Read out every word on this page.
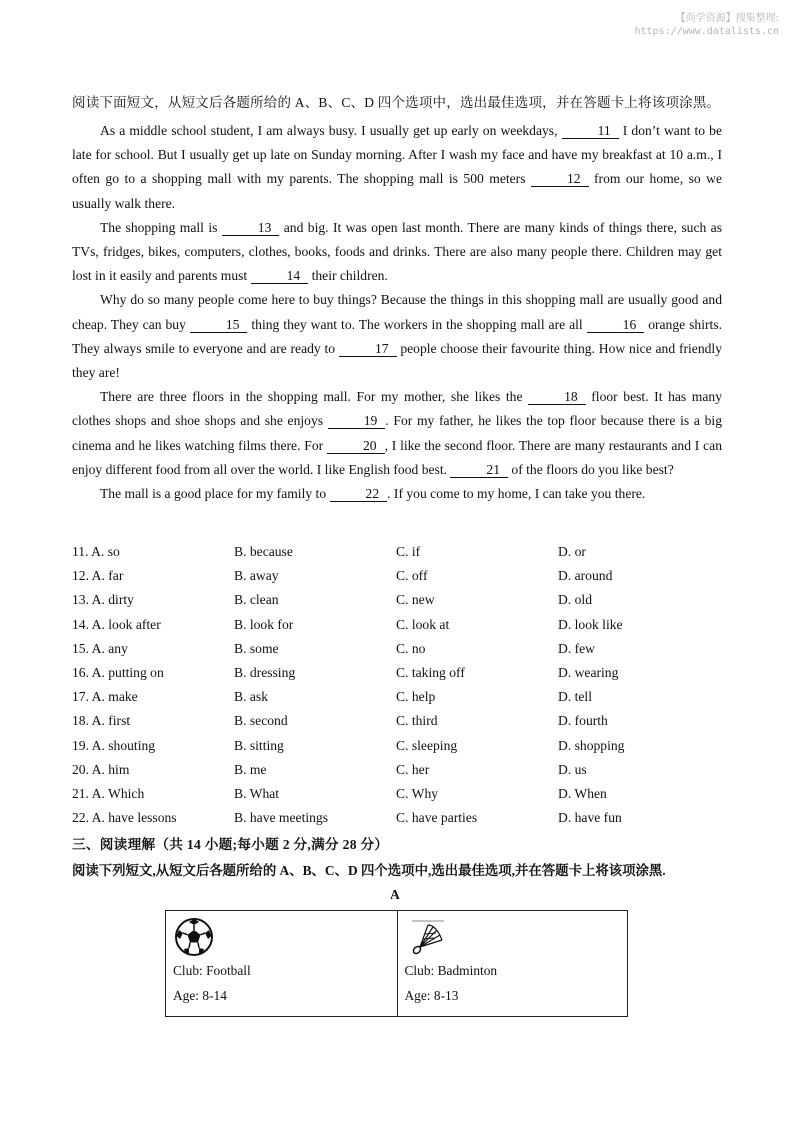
【尚学资源】搜集整理:
https://www.datalists.cn
阅读下面短文，从短文后各题所给的 A、B、C、D 四个选项中，选出最佳选项，并在答题卡上将该项涂黑。

As a middle school student, I am always busy. I usually get up early on weekdays,	11 I don’t want to be late for school. But I usually get up late on Sunday morning. After I wash my face and have my breakfast at 10 a.m., I often go to a shopping mall with my parents. The shopping mall is 500 meters	12 from our home, so we usually walk there.

The shopping mall is	13 and big. It was open last month. There are many kinds of things there, such as TVs, fridges, bikes, computers, clothes, books, foods and drinks. There are also many people there. Children may get lost in it easily and parents must	14 their children.

Why do so many people come here to buy things? Because the things in this shopping mall are usually good and cheap. They can buy	15 thing they want to. The workers in the shopping mall are all	16 orange shirts. They always smile to everyone and are ready to	17 people choose their favourite thing. How nice and friendly they are!

There are three floors in the shopping mall. For my mother, she likes the	18 floor best. It has many clothes shops and shoe shops and she enjoys	19 . For my father, he likes the top floor because there is a big cinema and he likes watching films there. For	20 , I like the second floor. There are many restaurants and I can enjoy different food from all over the world. I like English food best.	21 of the floors do you like best?

The mall is a good place for my family to	22 . If you come to my home, I can take you there.

11. A. so	B. because	C. if	D. or
12. A. far	B. away	C. off	D. around
13. A. dirty	B. clean	C. new	D. old
14. A. look after	B. look for	C. look at	D. look like
15. A. any	B. some	C. no	D. few
16. A. putting on	B. dressing	C. taking off	D. wearing
17. A. make	B. ask	C. help	D. tell
18. A. first	B. second	C. third	D. fourth
19. A. shouting	B. sitting	C. sleeping	D. shopping
20. A. him	B. me	C. her	D. us
21. A. Which	B. What	C. Why	D. When
22. A. have lessons	B. have meetings	C. have parties	D. have fun
三、阅读理解（共 14 小题;每小题 2 分,满分 28 分）
阅读下列短文,从短文后各题所给的 A、B、C、D 四个选项中,选出最佳选项,并在答题卡上将该项涂黑.
A
Club: Football
Age: 8-14
Club: Badminton
Age: 8-13
